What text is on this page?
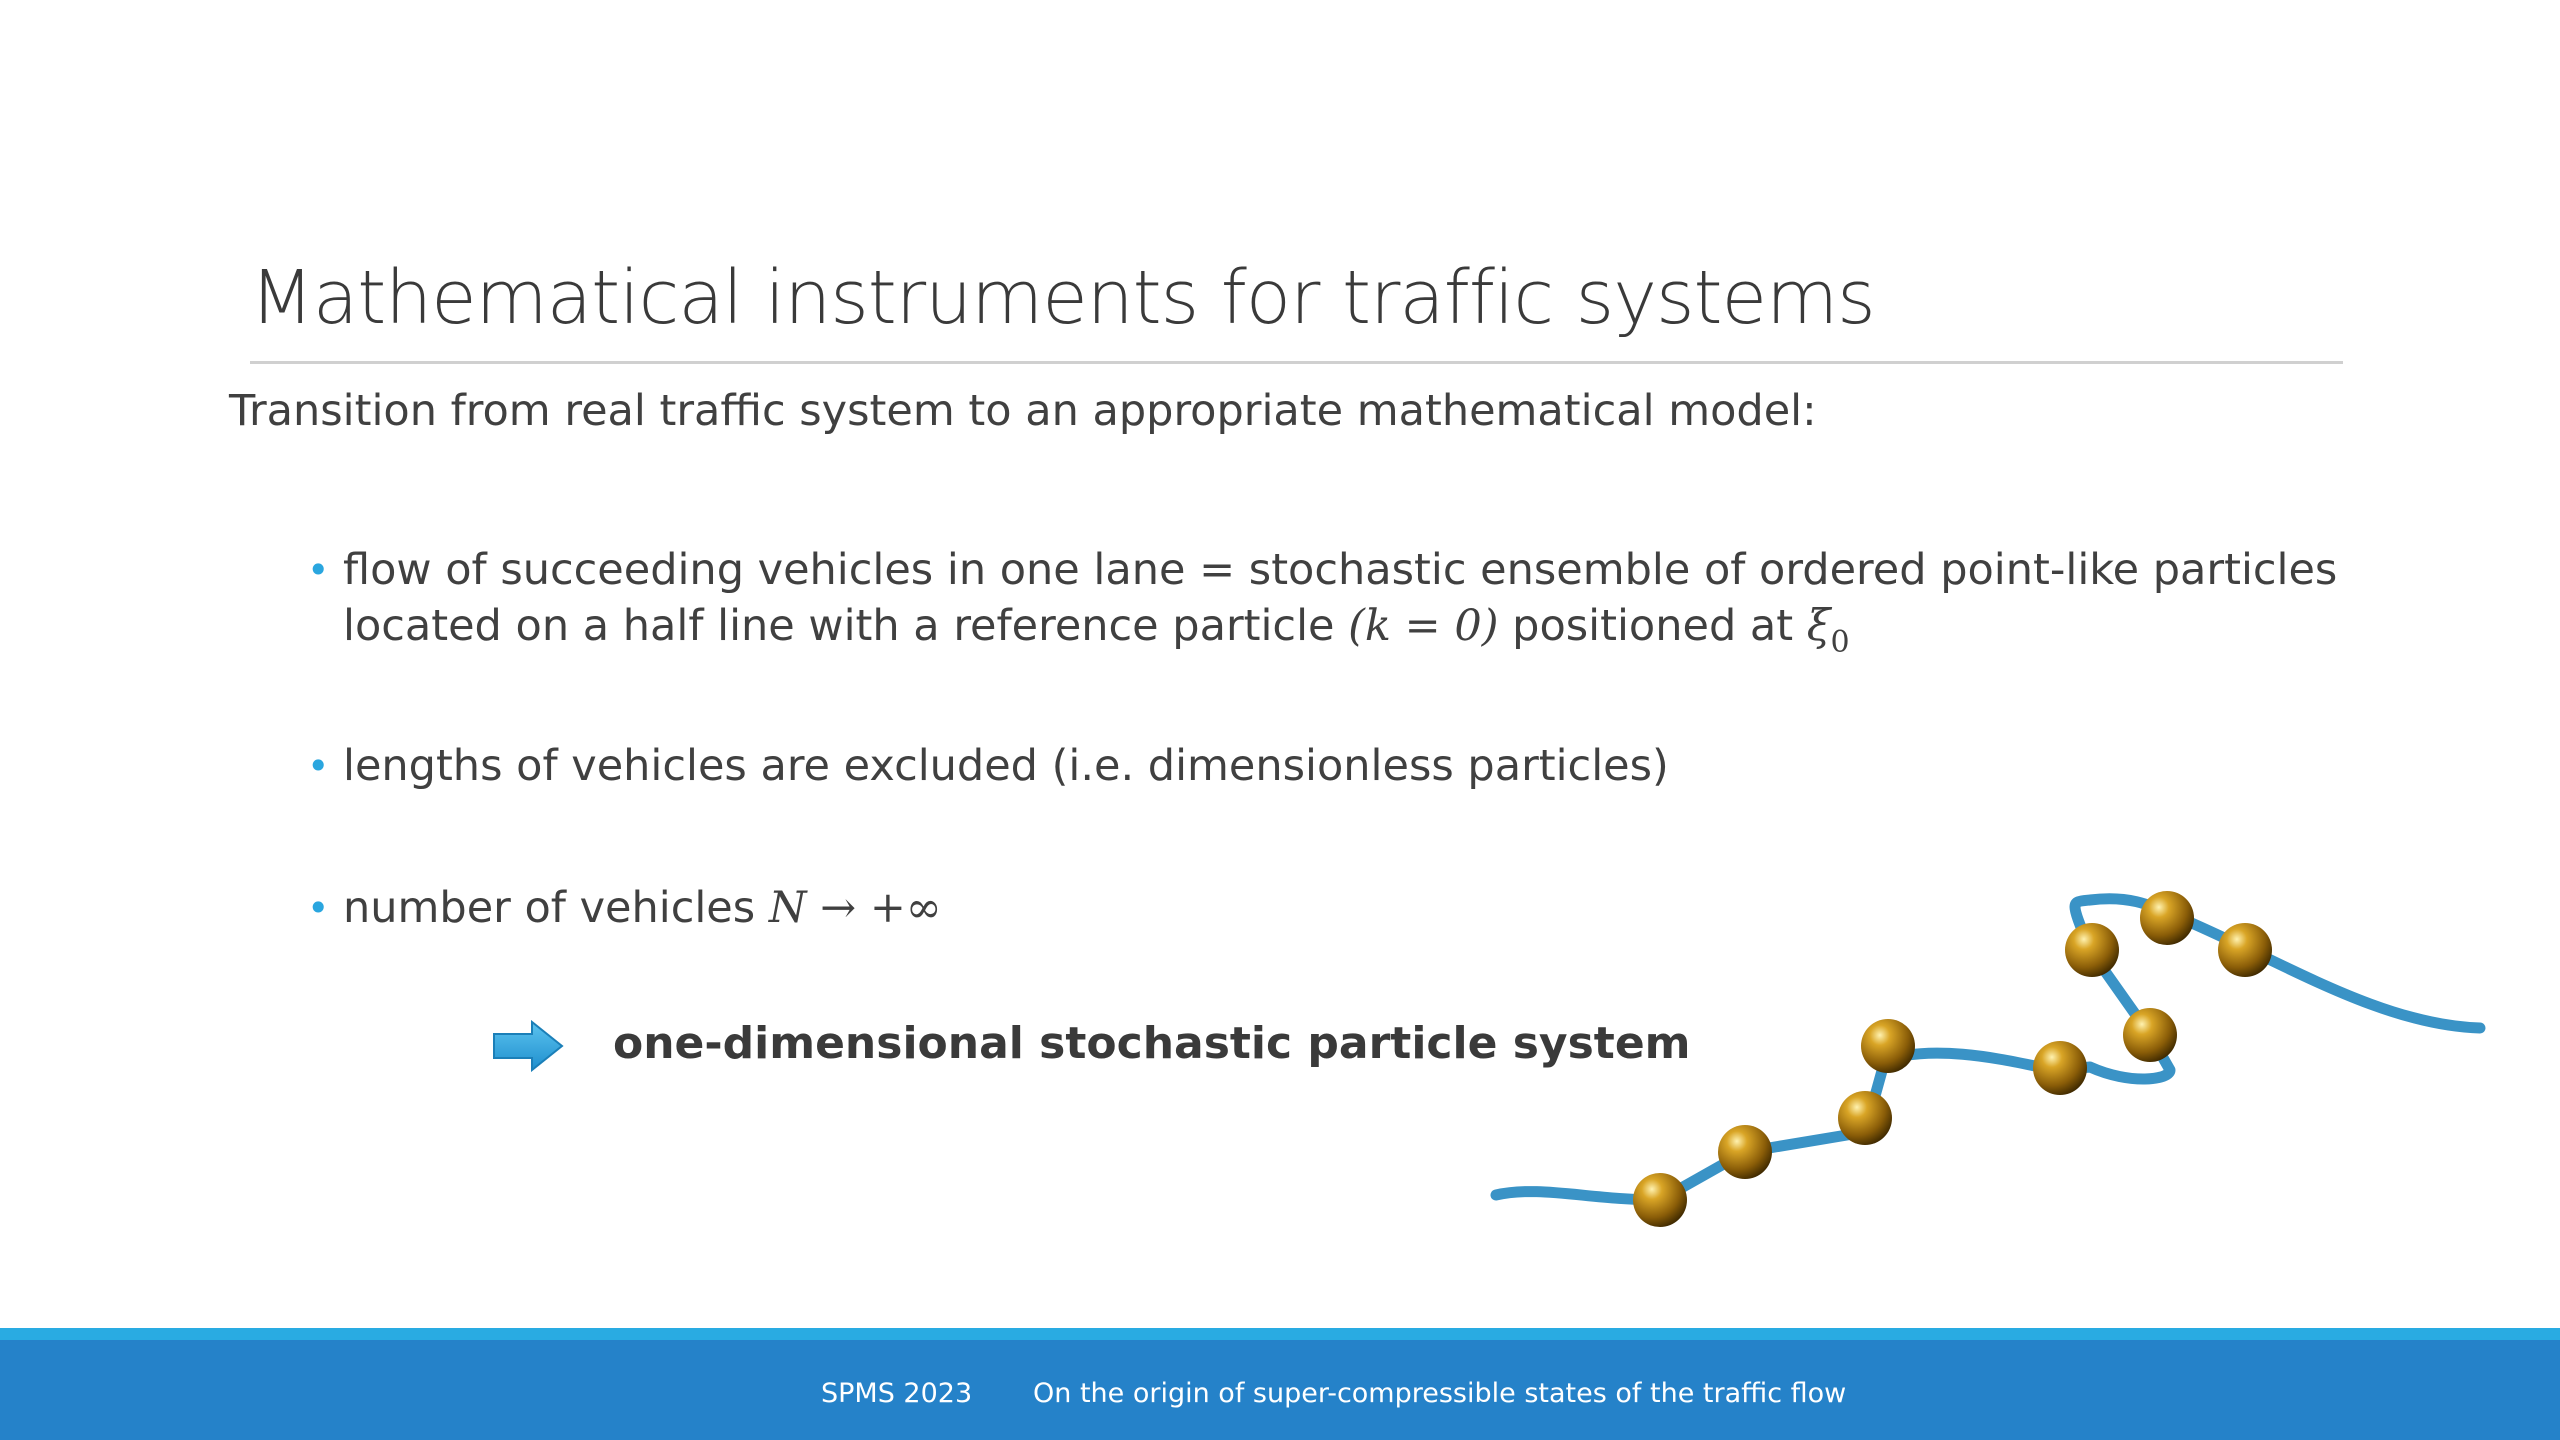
Mathematical instruments for traffic systems
Transition from real traffic system to an appropriate mathematical model:
• flow of succeeding vehicles in one lane = stochastic ensemble of ordered point-like particles
located on a half line with a reference particle (k = 0) positioned at $\xi_0$
• lengths of vehicles are excluded (i.e. dimensionless particles)
• number of vehicles N → +∞
one-dimensional stochastic particle system
SPMS 2023 On the origin of super-compressible states of the traffic flow
